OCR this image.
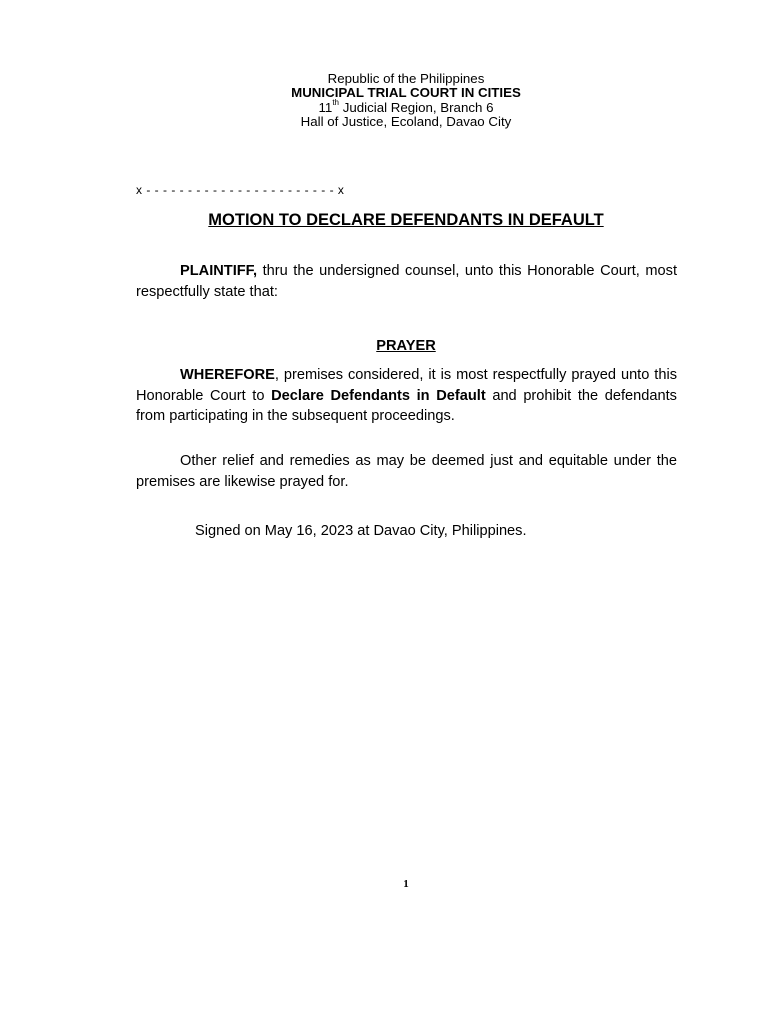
Republic of the Philippines
MUNICIPAL TRIAL COURT IN CITIES
11th Judicial Region, Branch 6
Hall of Justice, Ecoland, Davao City
x - - - - - - - - - - - - - - - - - - - - - - - x
MOTION TO DECLARE DEFENDANTS IN DEFAULT
PLAINTIFF, thru the undersigned counsel, unto this Honorable Court, most respectfully state that:
PRAYER
WHEREFORE, premises considered, it is most respectfully prayed unto this Honorable Court to Declare Defendants in Default and prohibit the defendants from participating in the subsequent proceedings.
Other relief and remedies as may be deemed just and equitable under the premises are likewise prayed for.
Signed on May 16, 2023 at Davao City, Philippines.
1
